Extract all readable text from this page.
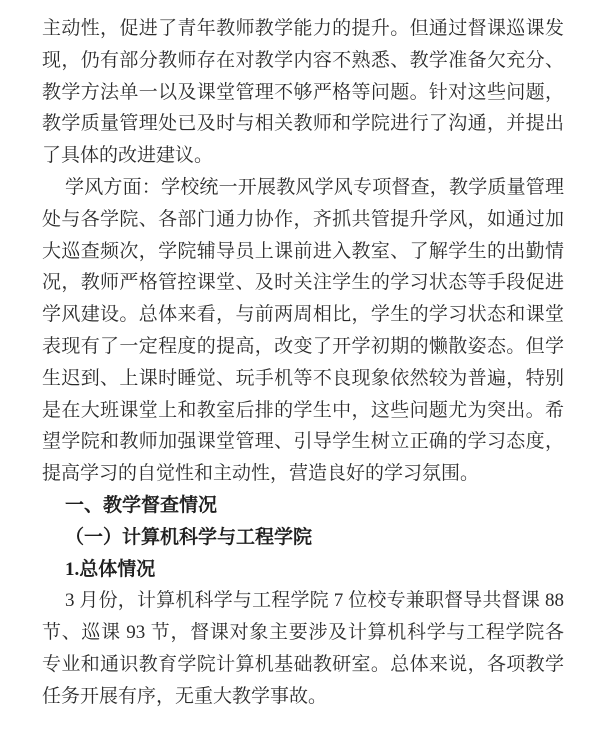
主动性，促进了青年教师教学能力的提升。但通过督课巡课发现，仍有部分教师存在对教学内容不熟悉、教学准备欠充分、教学方法单一以及课堂管理不够严格等问题。针对这些问题，教学质量管理处已及时与相关教师和学院进行了沟通，并提出了具体的改进建议。

学风方面：学校统一开展教风学风专项督查，教学质量管理处与各学院、各部门通力协作，齐抓共管提升学风，如通过加大巡查频次，学院辅导员上课前进入教室、了解学生的出勤情况，教师严格管控课堂、及时关注学生的学习状态等手段促进学风建设。总体来看，与前两周相比，学生的学习状态和课堂表现有了一定程度的提高，改变了开学初期的懒散姿态。但学生迟到、上课时睡觉、玩手机等不良现象依然较为普遍，特别是在大班课堂上和教室后排的学生中，这些问题尤为突出。希望学院和教师加强课堂管理、引导学生树立正确的学习态度，提高学习的自觉性和主动性，营造良好的学习氛围。

一、教学督查情况

（一）计算机科学与工程学院

1.总体情况

3 月份，计算机科学与工程学院 7 位校专兼职督导共督课 88 节、巡课 93 节，督课对象主要涉及计算机科学与工程学院各专业和通识教育学院计算机基础教研室。总体来说，各项教学任务开展有序，无重大教学事故。
